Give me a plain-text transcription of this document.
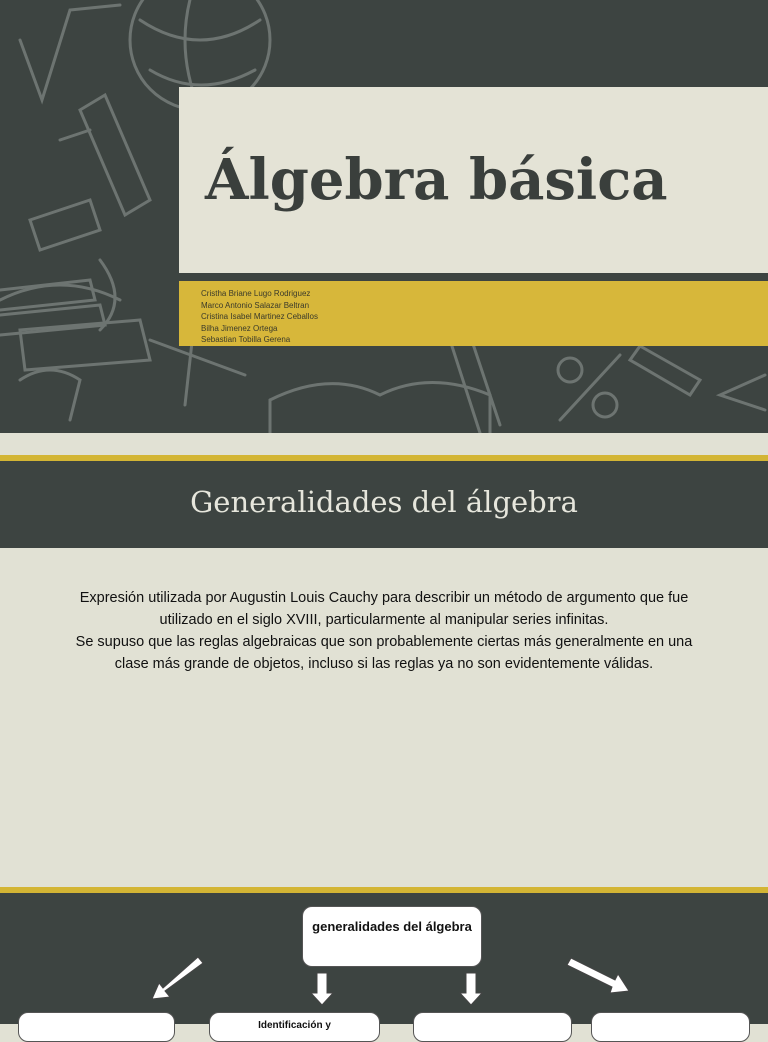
Álgebra básica
Cristha Briane Lugo Rodriguez
Marco Antonio Salazar Beltran
Cristina Isabel Martinez Ceballos
Bilha Jimenez Ortega
Sebastian Tobilla Gerena
Generalidades del álgebra

Expresión utilizada por Augustin Louis Cauchy para describir un método de argumento que fue utilizado en el siglo XVIII, particularmente al manipular series infinitas.

Se supuso que las reglas algebraicas que son probablemente ciertas más generalmente en una clase más grande de objetos, incluso si las reglas ya no son evidentemente válidas.

generalidades del álgebra
Identificación y
